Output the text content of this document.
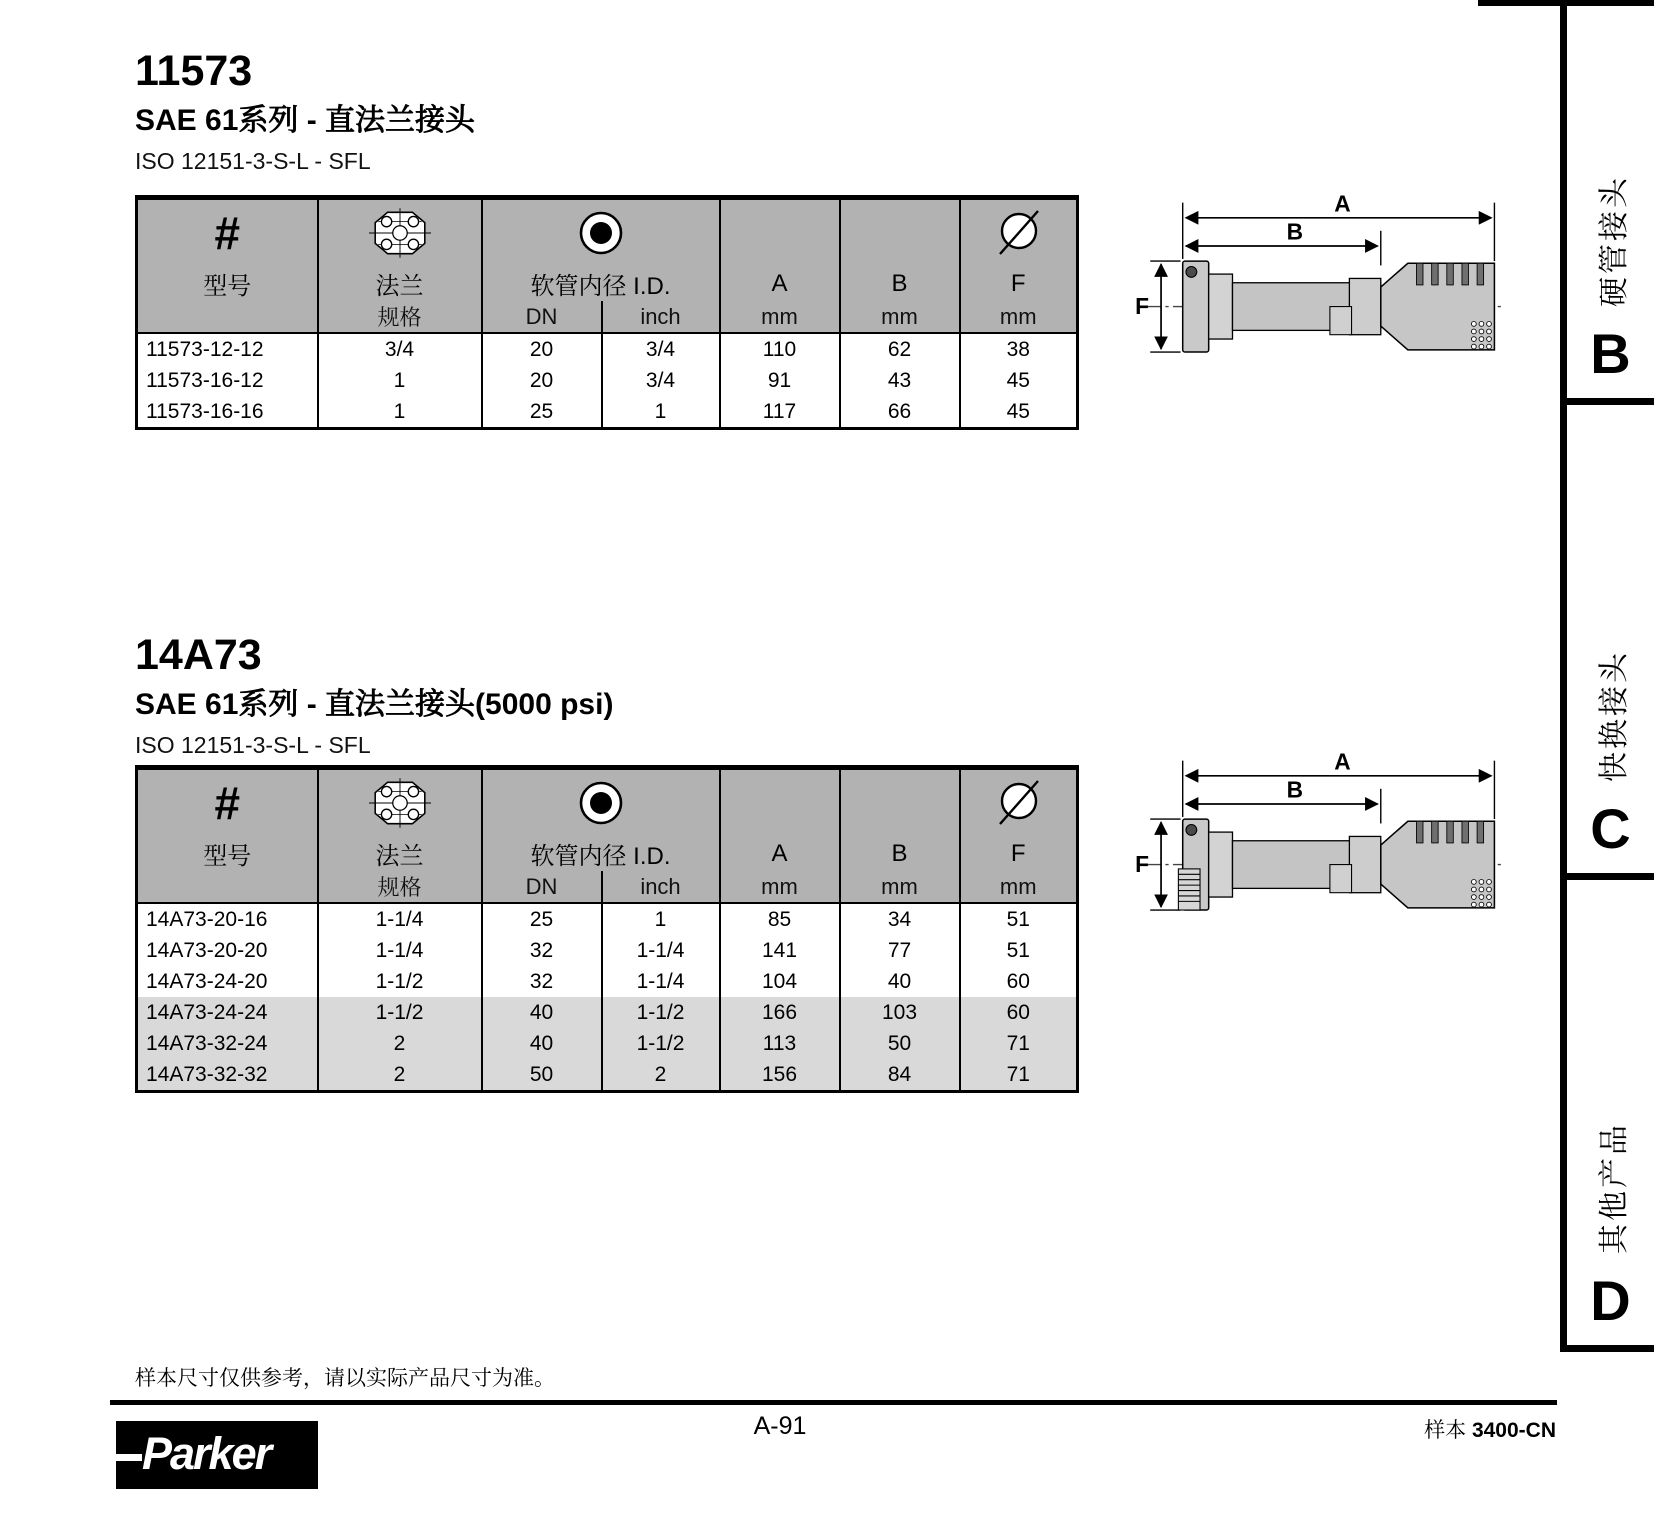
11573
SAE 61系列 - 直法兰接头
ISO 12151-3-S-L - SFL
#	

型号	法兰	软管内径 I.D.		A	B	F
	规格	DN	inch	mm	mm	mm
11573-12-12	3/4	20	3/4	110	62	38
11573-16-12	1	20	3/4	91	43	45
11573-16-16	1	25	1	117	66	45
14A73
SAE 61系列 - 直法兰接头(5000 psi)
ISO 12151-3-S-L - SFL
#	

型号	法兰	软管内径 I.D.		A	B	F
	规格	DN	inch	mm	mm	mm
14A73-20-16	1-1/4	25	1	85	34	51
14A73-20-20	1-1/4	32	1-1/4	141	77	51
14A73-24-20	1-1/2	32	1-1/4	104	40	60
14A73-24-24	1-1/2	40	1-1/2	166	103	60
14A73-32-24	2	40	1-1/2	113	50	71
14A73-32-32	2	50	2	156	84	71
样本尺寸仅供参考，请以实际产品尺寸为准。
A-91	样本 3400-CN
Parker
硬管接头
B
快换接头
C
其他产品
D
